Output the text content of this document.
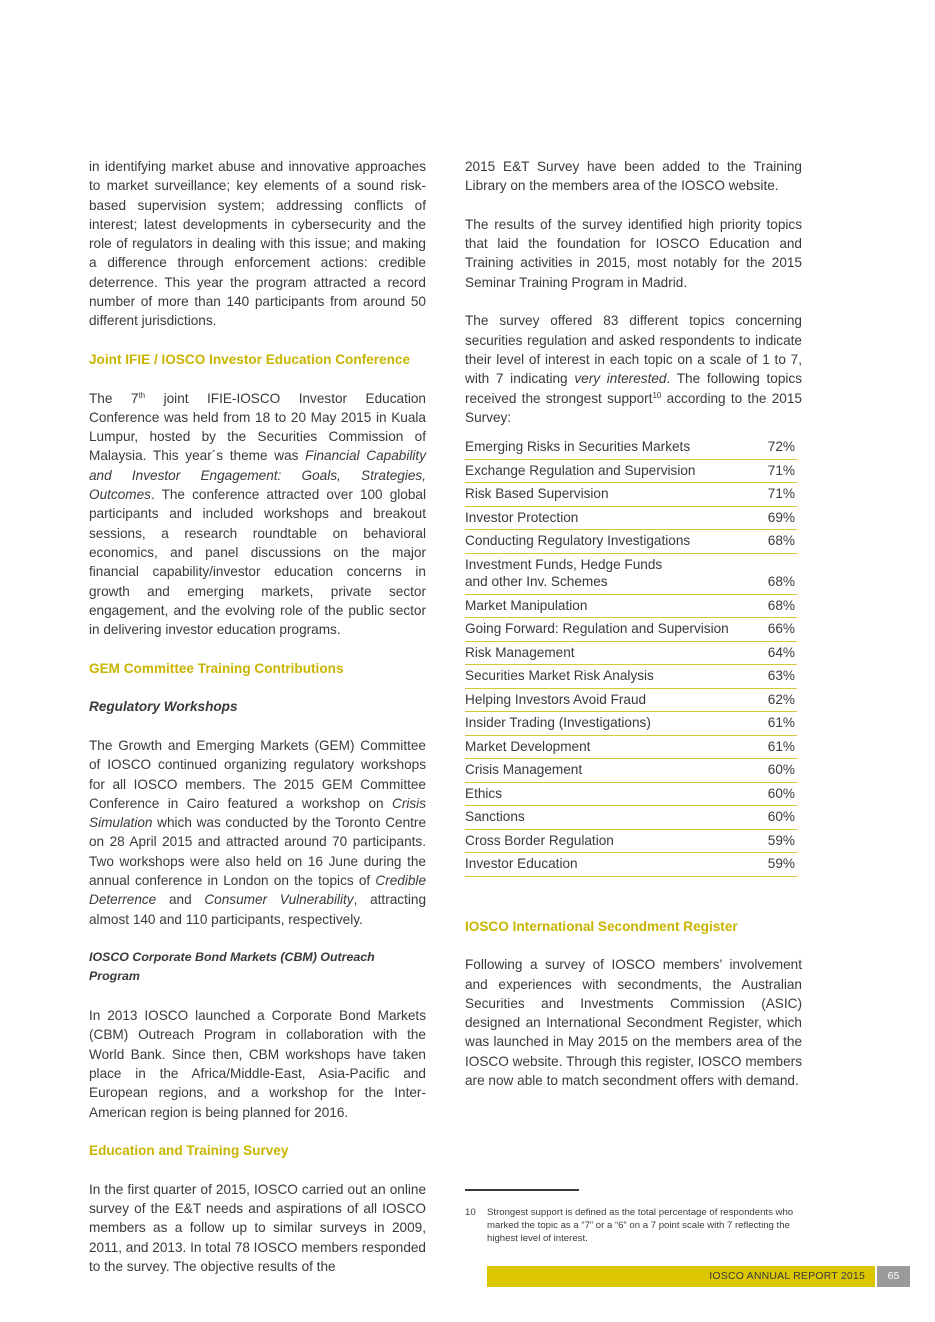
in identifying market abuse and innovative approaches to market surveillance; key elements of a sound risk-based supervision system; addressing conflicts of interest; latest developments in cybersecurity and the role of regulators in dealing with this issue; and making a difference through enforcement actions: credible deterrence. This year the program attracted a record number of more than 140 participants from around 50 different jurisdictions.

Joint IFIE / IOSCO Investor Education Conference

The 7th joint IFIE-IOSCO Investor Education Conference was held from 18 to 20 May 2015 in Kuala Lumpur, hosted by the Securities Commission of Malaysia. This year´s theme was Financial Capability and Investor Engagement: Goals, Strategies, Outcomes. The conference attracted over 100 global participants and included workshops and breakout sessions, a research roundtable on behavioral economics, and panel discussions on the major financial capability/investor education concerns in growth and emerging markets, private sector engagement, and the evolving role of the public sector in delivering investor education programs.

GEM Committee Training Contributions
Regulatory Workshops

The Growth and Emerging Markets (GEM) Committee of IOSCO continued organizing regulatory workshops for all IOSCO members. The 2015 GEM Committee Conference in Cairo featured a workshop on Crisis Simulation which was conducted by the Toronto Centre on 28 April 2015 and attracted around 70 participants. Two workshops were also held on 16 June during the annual conference in London on the topics of Credible Deterrence and Consumer Vulnerability, attracting almost 140 and 110 participants, respectively.

IOSCO Corporate Bond Markets (CBM) Outreach Program

In 2013 IOSCO launched a Corporate Bond Markets (CBM) Outreach Program in collaboration with the World Bank. Since then, CBM workshops have taken place in the Africa/Middle-East, Asia-Pacific and European regions, and a workshop for the Inter-American region is being planned for 2016.

Education and Training Survey

In the first quarter of 2015, IOSCO carried out an online survey of the E&T needs and aspirations of all IOSCO members as a follow up to similar surveys in 2009, 2011, and 2013. In total 78 IOSCO members responded to the survey. The objective results of the

2015 E&T Survey have been added to the Training Library on the members area of the IOSCO website.

The results of the survey identified high priority topics that laid the foundation for IOSCO Education and Training activities in 2015, most notably for the 2015 Seminar Training Program in Madrid.

The survey offered 83 different topics concerning securities regulation and asked respondents to indicate their level of interest in each topic on a scale of 1 to 7, with 7 indicating very interested. The following topics received the strongest support$^{10}$ according to the 2015 Survey:

Emerging Risks in Securities Markets	72%
Exchange Regulation and Supervision	71%
Risk Based Supervision	71%
Investor Protection	69%
Conducting Regulatory Investigations	68%
Investment Funds, Hedge Funds
and other Inv. Schemes	68%
Market Manipulation	68%
Going Forward: Regulation and Supervision	66%
Risk Management	64%
Securities Market Risk Analysis	63%
Helping Investors Avoid Fraud	62%
Insider Trading (Investigations)	61%
Market Development	61%
Crisis Management	60%
Ethics	60%
Sanctions	60%
Cross Border Regulation	59%
Investor Education	59%
IOSCO International Secondment Register

Following a survey of IOSCO members’ involvement and experiences with secondments, the Australian Securities and Investments Commission (ASIC) designed an International Secondment Register, which was launched in May 2015 on the members area of the IOSCO website. Through this register, IOSCO members are now able to match secondment offers with demand.

10	Strongest support is defined as the total percentage of respondents who marked the topic as a “7” or a “6” on a 7 point scale with 7 reflecting the highest level of interest.
IOSCO ANNUAL REPORT 2015	65
